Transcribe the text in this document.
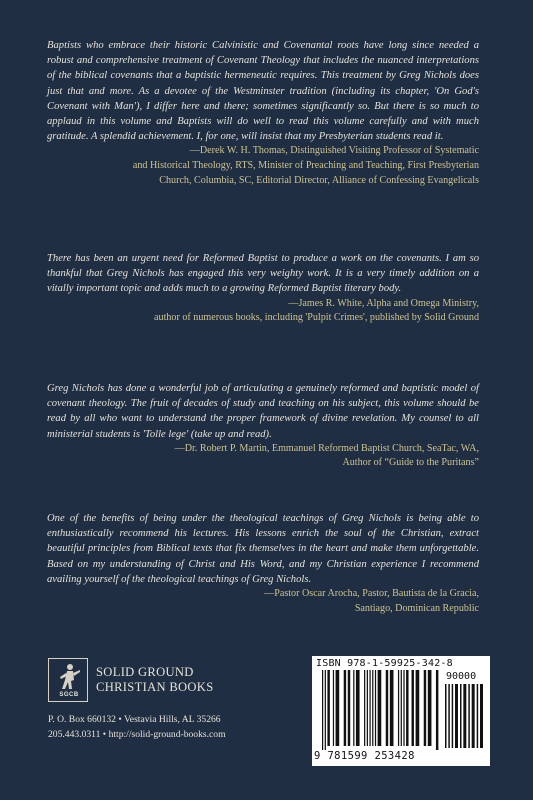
Baptists who embrace their historic Calvinistic and Covenantal roots have long since needed a robust and comprehensive treatment of Covenant Theology that includes the nuanced interpretations of the biblical covenants that a baptistic hermeneutic requires. This treatment by Greg Nichols does just that and more. As a devotee of the Westminster tradition (including its chapter, 'On God's Covenant with Man'), I differ here and there; sometimes significantly so. But there is so much to applaud in this volume and Baptists will do well to read this volume carefully and with much gratitude. A splendid achievement. I, for one, will insist that my Presbyterian students read it.

—Derek W. H. Thomas, Distinguished Visiting Professor of Systematic
and Historical Theology, RTS, Minister of Preaching and Teaching, First Presbyterian
Church, Columbia, SC, Editorial Director, Alliance of Confessing Evangelicals

There has been an urgent need for Reformed Baptist to produce a work on the covenants. I am so thankful that Greg Nichols has engaged this very weighty work. It is a very timely addition on a vitally important topic and adds much to a growing Reformed Baptist literary body.

—James R. White, Alpha and Omega Ministry,
author of numerous books, including 'Pulpit Crimes', published by Solid Ground

Greg Nichols has done a wonderful job of articulating a genuinely reformed and baptistic model of covenant theology. The fruit of decades of study and teaching on his subject, this volume should be read by all who want to understand the proper framework of divine revelation. My counsel to all ministerial students is 'Tolle lege' (take up and read).

—Dr. Robert P. Martin, Emmanuel Reformed Baptist Church, SeaTac, WA,
Author of “Guide to the Puritans”

One of the benefits of being under the theological teachings of Greg Nichols is being able to enthusiastically recommend his lectures. His lessons enrich the soul of the Christian, extract beautiful principles from Biblical texts that fix themselves in the heart and make them unforgettable. Based on my understanding of Christ and His Word, and my Christian experience I recommend availing yourself of the theological teachings of Greg Nichols.

—Pastor Oscar Arocha, Pastor, Bautista de la Gracia,
Santiago, Dominican Republic

SGCB
SOLID GROUND
CHRISTIAN BOOKS
P. O. Box 660132 • Vestavia Hills, AL 35266
205.443.0311 • http://solid-ground-books.com
ISBN 978-1-59925-342-8
90000
9 781599 253428
